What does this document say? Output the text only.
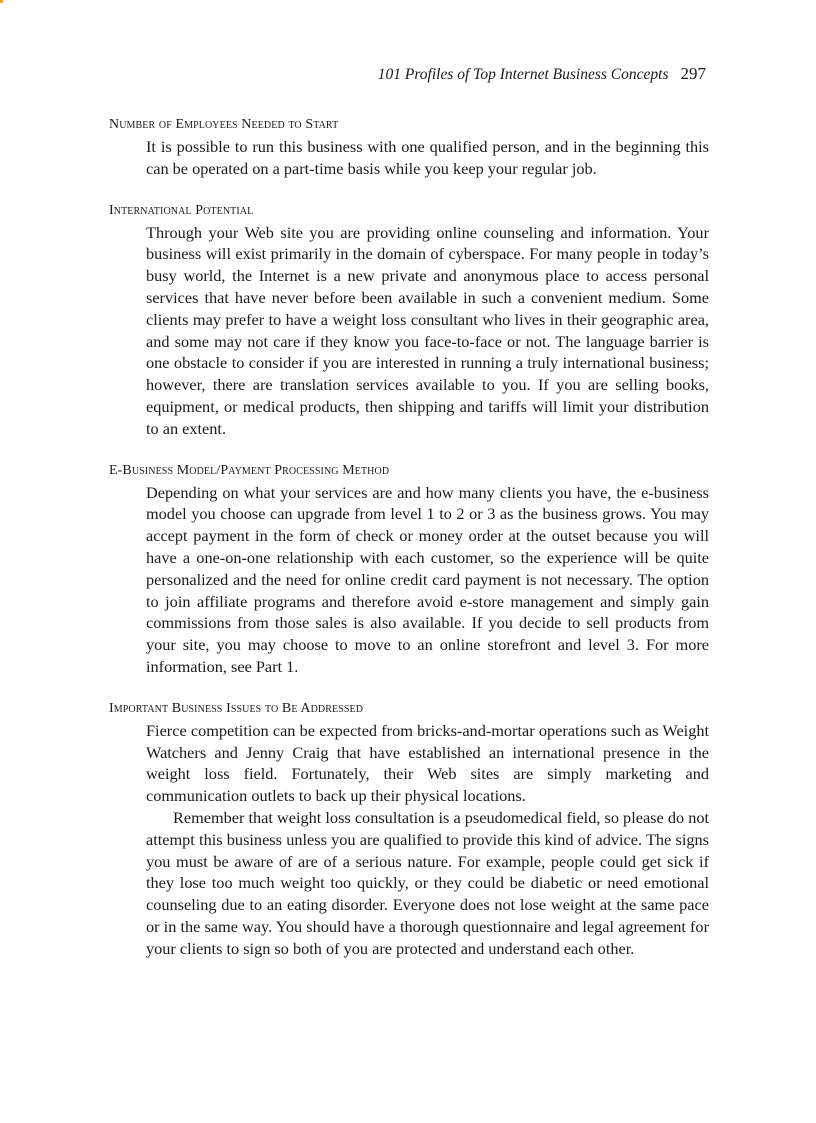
101 Profiles of Top Internet Business Concepts 297
Number of Employees Needed to Start

It is possible to run this business with one qualified person, and in the beginning this can be operated on a part-time basis while you keep your regular job.

International Potential

Through your Web site you are providing online counseling and information. Your business will exist primarily in the domain of cyberspace. For many people in today’s busy world, the Internet is a new private and anonymous place to access personal services that have never before been available in such a convenient medium. Some clients may prefer to have a weight loss consultant who lives in their geographic area, and some may not care if they know you face-to-face or not. The language barrier is one obstacle to consider if you are interested in running a truly international business; however, there are translation services available to you. If you are selling books, equipment, or medical products, then shipping and tariffs will limit your distribution to an extent.

E-Business Model/Payment Processing Method

Depending on what your services are and how many clients you have, the e-business model you choose can upgrade from level 1 to 2 or 3 as the business grows. You may accept payment in the form of check or money order at the outset because you will have a one-on-one relationship with each customer, so the experience will be quite personalized and the need for online credit card payment is not necessary. The option to join affiliate programs and therefore avoid e-store management and simply gain commissions from those sales is also available. If you decide to sell products from your site, you may choose to move to an online storefront and level 3. For more information, see Part 1.

Important Business Issues to Be Addressed

Fierce competition can be expected from bricks-and-mortar operations such as Weight Watchers and Jenny Craig that have established an international presence in the weight loss field. Fortunately, their Web sites are simply marketing and communication outlets to back up their physical locations.

Remember that weight loss consultation is a pseudomedical field, so please do not attempt this business unless you are qualified to provide this kind of advice. The signs you must be aware of are of a serious nature. For example, people could get sick if they lose too much weight too quickly, or they could be diabetic or need emotional counseling due to an eating disorder. Everyone does not lose weight at the same pace or in the same way. You should have a thorough questionnaire and legal agreement for your clients to sign so both of you are protected and understand each other.
